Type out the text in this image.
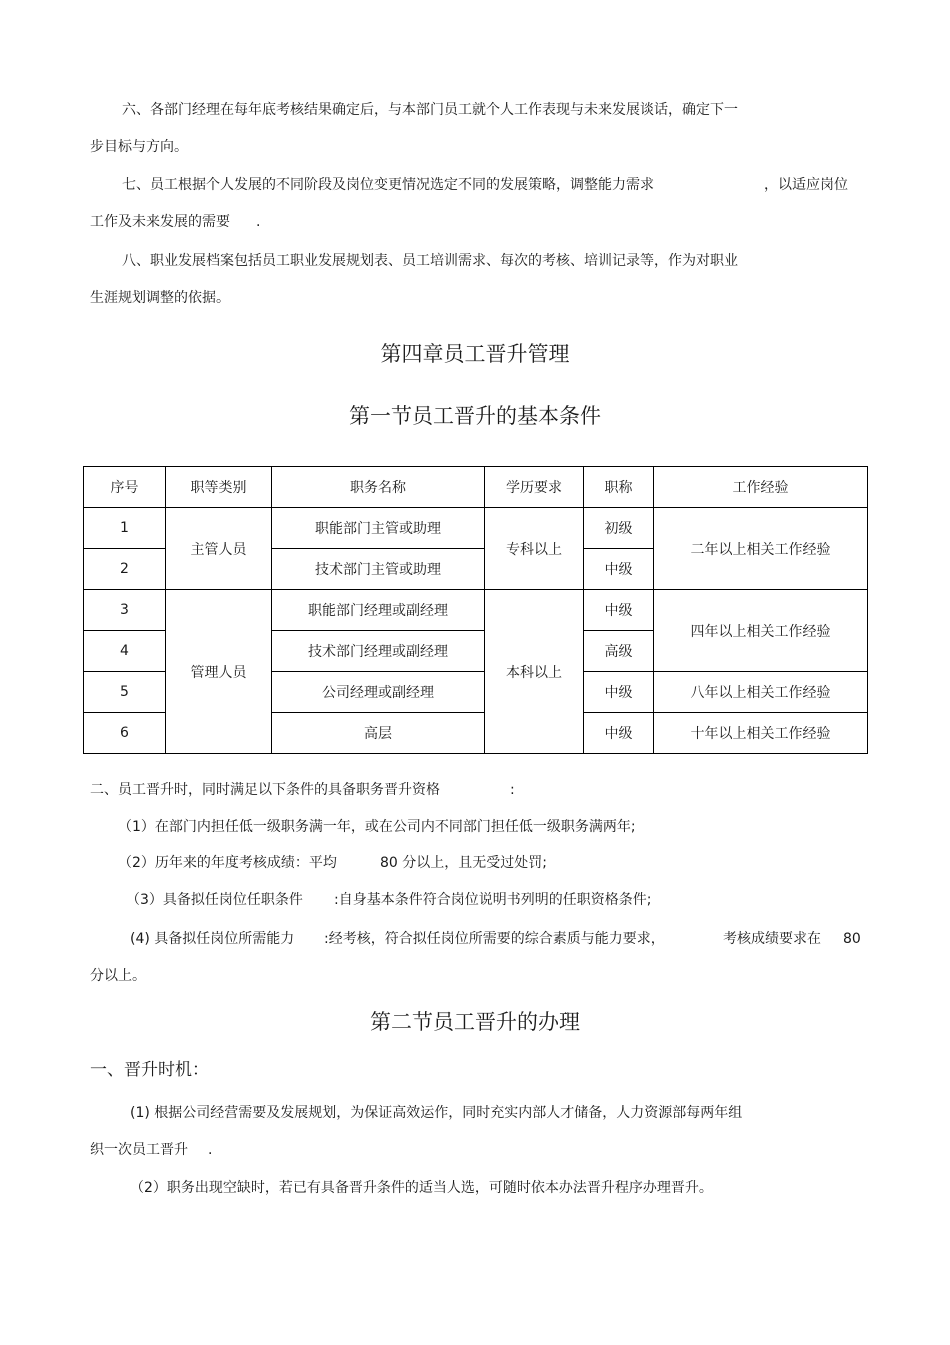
六、各部门经理在每年底考核结果确定后，与本部门员工就个人工作表现与未来发展谈话，确定下一
步目标与方向。
七、员工根据个人发展的不同阶段及岗位变更情况选定不同的发展策略，调整能力需求	，以适应岗位
工作及未来发展的需要 .
八、职业发展档案包括员工职业发展规划表、员工培训需求、每次的考核、培训记录等，作为对职业
生涯规划调整的依据。
第四章员工晋升管理
第一节员工晋升的基本条件
序号	职等类别	职务名称	学历要求	职称	工作经验
1	主管人员	职能部门主管或助理	专科以上	初级	二年以上相关工作经验
2		技术部门主管或助理		中级	
3	管理人员	职能部门经理或副经理	本科以上	中级	四年以上相关工作经验
4		技术部门经理或副经理		高级	
5		公司经理或副经理		中级	八年以上相关工作经验
6		高层		中级	十年以上相关工作经验
二、员工晋升时，同时满足以下条件的具备职务晋升资格	:
（1）在部门内担任低一级职务满一年，或在公司内不同部门担任低一级职务满两年;
（2）历年来的年度考核成绩：平均	80 分以上，且无受过处罚;
（3）具备拟任岗位任职条件 :自身基本条件符合岗位说明书列明的任职资格条件;
(4) 具备拟任岗位所需能力 :经考核，符合拟任岗位所需要的综合素质与能力要求，	考核成绩要求在 80
分以上。
第二节员工晋升的办理
一、晋升时机：
(1) 根据公司经营需要及发展规划，为保证高效运作，同时充实内部人才储备，人力资源部每两年组
织一次员工晋升 .
（2）职务出现空缺时，若已有具备晋升条件的适当人选，可随时依本办法晋升程序办理晋升。
